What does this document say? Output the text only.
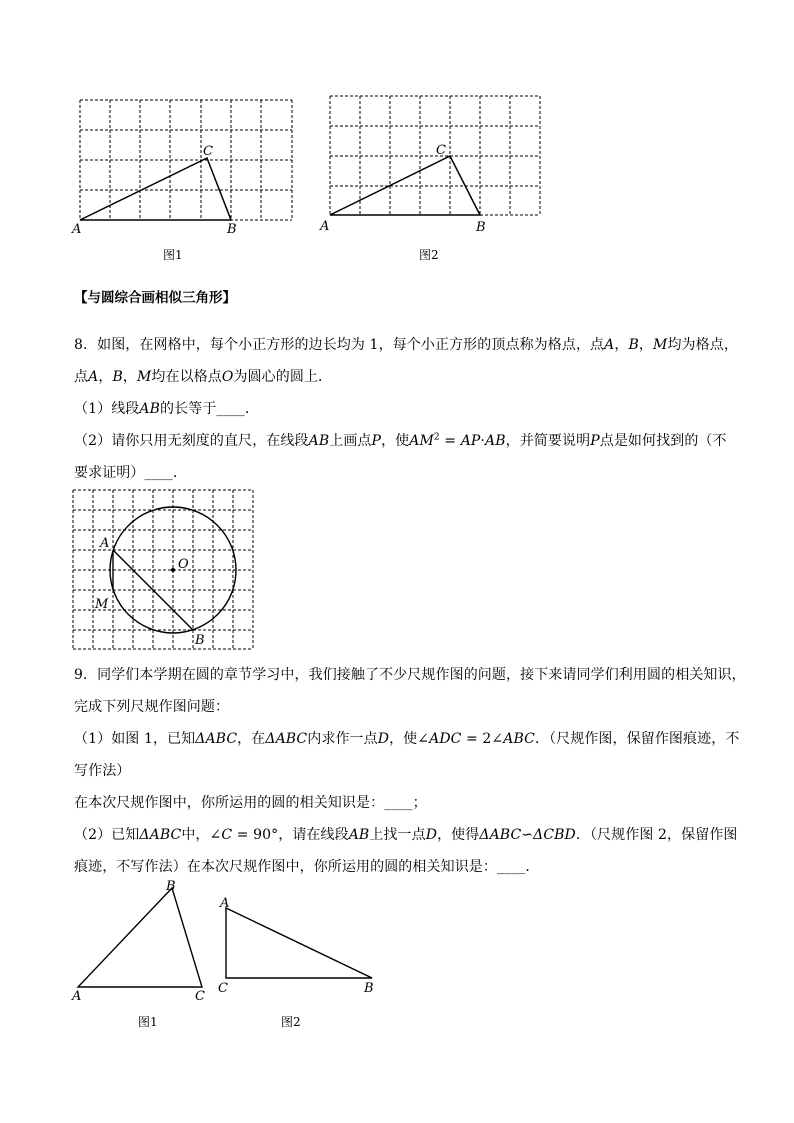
A	B
C
图1
A	B
C
图2
【与圆综合画相似三角形】
8．如图，在网格中，每个小正方形的边长均为 1，每个小正方形的顶点称为格点，点A，B，M均为格点，
点A，B，M均在以格点O为圆心的圆上．
（1）线段AB的长等于____．
（2）请你只用无刻度的直尺，在线段AB上画点P，使$AM^2 = AP\cdot AB$，并简要说明P点是如何找到的（不
要求证明）____．
A
O
M
B
9．同学们本学期在圆的章节学习中，我们接触了不少尺规作图的问题，接下来请同学们利用圆的相关知识，
完成下列尺规作图问题：
（1）如图 1，已知ΔABC，在ΔABC内求作一点D，使∠ADC = 2∠ABC．（尺规作图，保留作图痕迹，不
写作法）
在本次尺规作图中，你所运用的圆的相关知识是：____；
（2）已知ΔABC中，∠C = 90°，请在线段AB上找一点D，使得ΔABC∽ΔCBD．（尺规作图 2，保留作图
痕迹，不写作法）在本次尺规作图中，你所运用的圆的相关知识是：____．
A
B
C
图1
A
C	B
图2
